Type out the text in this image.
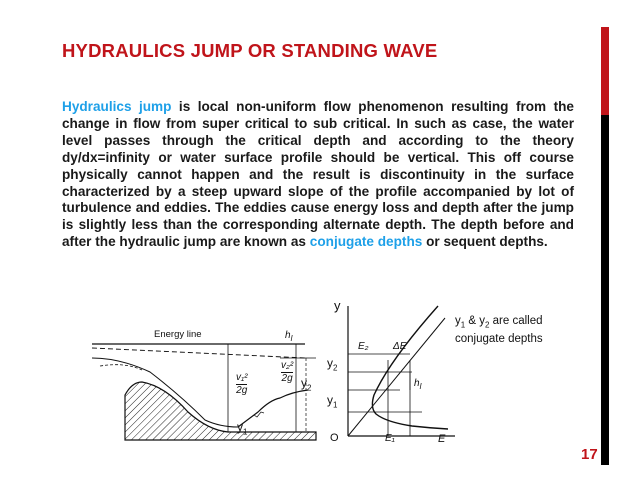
HYDRAULICS JUMP OR STANDING WAVE
Hydraulics jump is local non-uniform flow phenomenon resulting from the change in flow from super critical to sub critical. In such as case, the water level passes through the critical depth and according to the theory dy/dx=infinity or water surface profile should be vertical. This off course physically cannot happen and the result is discontinuity in the surface characterized by a steep upward slope of the profile accompanied by lot of turbulence and eddies. The eddies cause energy loss and depth after the jump is slightly less than the corresponding alternate depth. The depth before and after the hydraulic jump are known as conjugate depths or sequent depths.
Energy line	$h_l$
v₁²
2g
v₂²
2g $y_2$
$y_1$
y
O
$y_2$
$y_1$
E₂ ΔE
$h_l$
E₁	E
$y_1$ & $y_2$ are called conjugate depths
17
